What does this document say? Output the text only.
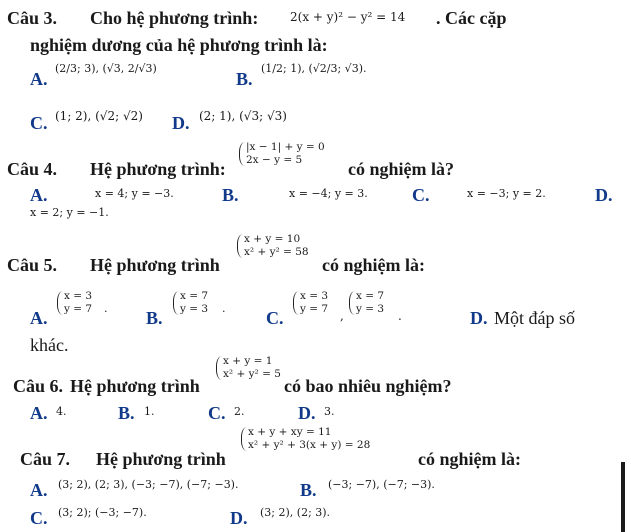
Câu 3. Cho hệ phương trình:	2(x + y)² − y² = 14 . Các cặp
nghiệm dương của hệ phương trình là:
A.
(2/3; 3), (√3, 2/√3)
B.
(1/2; 1), (√2/3; √3).
C. (1; 2), (√2; √2) D. (2; 1), (√3; √3)
Câu 4. Hệ phương trình:
|x − 1| + y = 0
2x − y = 5	có nghiệm là?
A.	x = 4; y = −3.	B.	x = −4; y = 3. C.	x = −3; y = 2.	D.
x = 2; y = −1.
Câu 5. Hệ phương trình
x + y = 10
x² + y² = 58
có nghiệm là:
A.
x = 3
y = 7 . B.
x = 7
y = 3 . C.
x = 3
y = 7 ,
x = 7
y = 3 .	D. Một đáp số
khác.
Câu 6. Hệ phương trình
x + y = 1
x² + y² = 5
có bao nhiêu nghiệm?
A. 4.	B. 1.	C. 2.	D. 3.
Câu 7. Hệ phương trình
x + y + xy = 11
x² + y² + 3(x + y) = 28
có nghiệm là:
A. (3; 2), (2; 3), (−3; −7), (−7; −3).	B. (−3; −7), (−7; −3).
C. (3; 2); (−3; −7).	D. (3; 2), (2; 3).
